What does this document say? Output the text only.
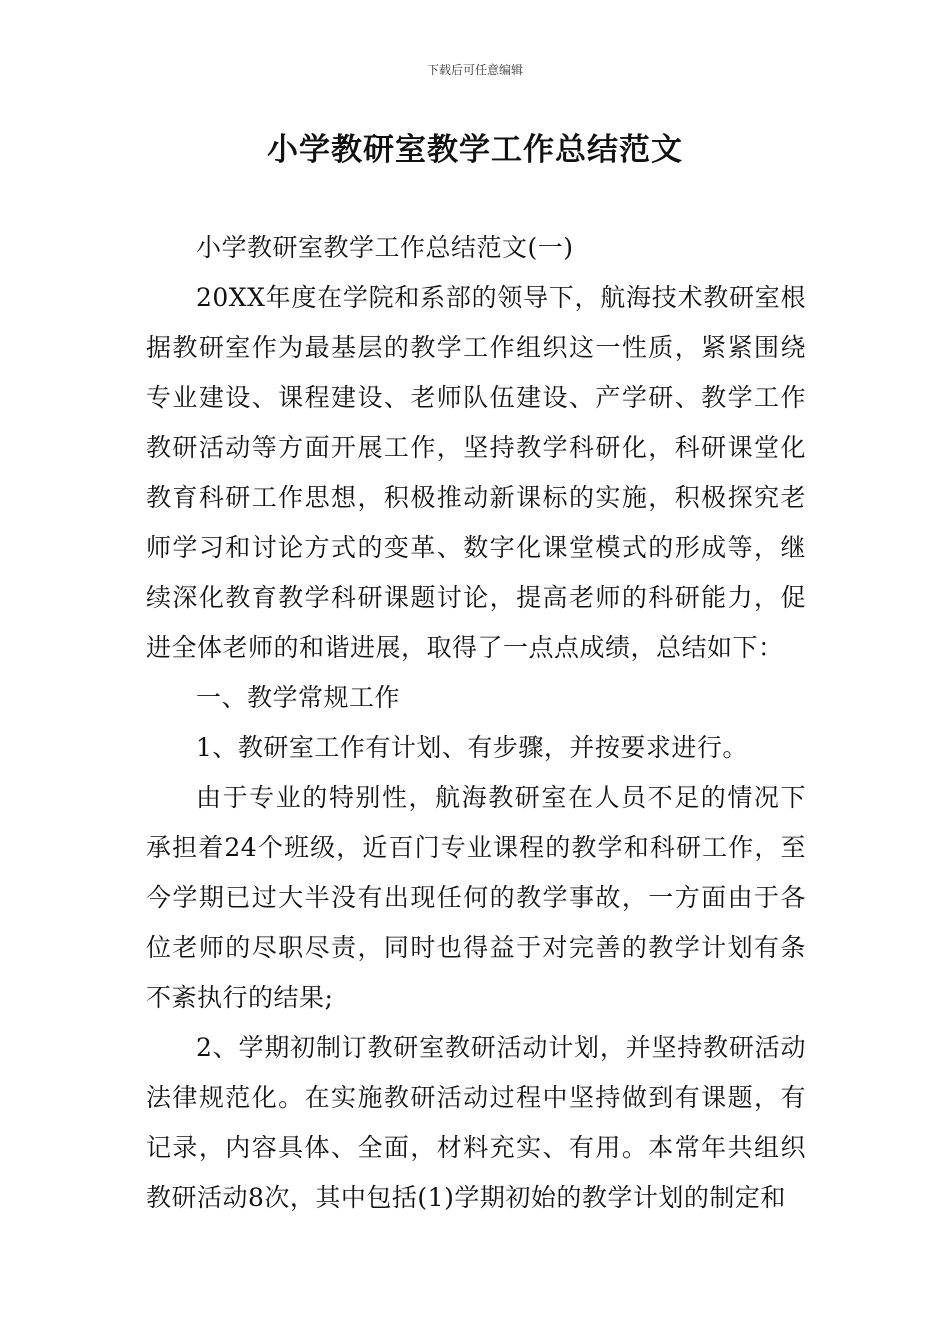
下载后可任意编辑
小学教研室教学工作总结范文

小学教研室教学工作总结范文(一)

20XX年度在学院和系部的领导下，航海技术教研室根据教研室作为最基层的教学工作组织这一性质，紧紧围绕专业建设、课程建设、老师队伍建设、产学研、教学工作教研活动等方面开展工作，坚持教学科研化，科研课堂化教育科研工作思想，积极推动新课标的实施，积极探究老师学习和讨论方式的变革、数字化课堂模式的形成等，继续深化教育教学科研课题讨论，提高老师的科研能力，促进全体老师的和谐进展，取得了一点点成绩，总结如下：

一、教学常规工作

1、教研室工作有计划、有步骤，并按要求进行。

由于专业的特别性，航海教研室在人员不足的情况下承担着24个班级，近百门专业课程的教学和科研工作，至今学期已过大半没有出现任何的教学事故，一方面由于各位老师的尽职尽责，同时也得益于对完善的教学计划有条不紊执行的结果;

2、学期初制订教研室教研活动计划，并坚持教研活动法律规范化。在实施教研活动过程中坚持做到有课题，有记录，内容具体、全面，材料充实、有用。本常年共组织教研活动8次，其中包括(1)学期初始的教学计划的制定和
